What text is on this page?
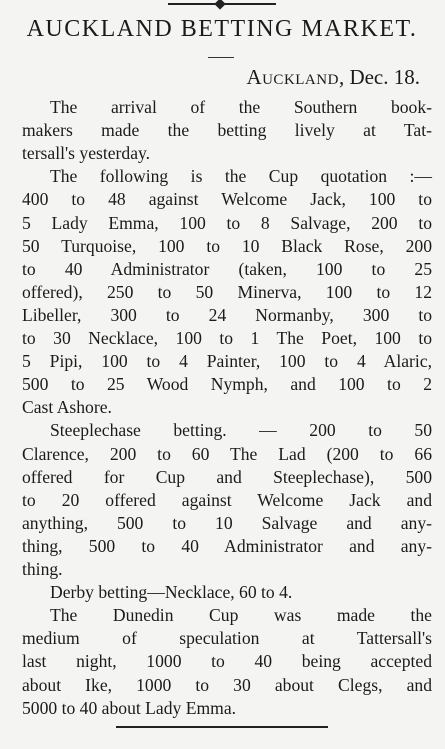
AUCKLAND BETTING MARKET.
Auckland, Dec. 18.
The arrival of the Southern book-
makers made the betting lively at Tat-
tersall's yesterday.
The following is the Cup quotation :—
400 to 48 against Welcome Jack, 100 to
5 Lady Emma, 100 to 8 Salvage, 200 to
50 Turquoise, 100 to 10 Black Rose, 200
to 40 Administrator (taken, 100 to 25
offered), 250 to 50 Minerva, 100 to 12
Libeller, 300 to 24 Normanby, 300 to
to 30 Necklace, 100 to 1 The Poet, 100 to
5 Pipi, 100 to 4 Painter, 100 to 4 Alaric,
500 to 25 Wood Nymph, and 100 to 2
Cast Ashore.
Steeplechase betting. — 200 to 50
Clarence, 200 to 60 The Lad (200 to 66
offered for Cup and Steeplechase), 500
to 20 offered against Welcome Jack and
anything, 500 to 10 Salvage and any-
thing, 500 to 40 Administrator and any-
thing.
Derby betting—Necklace, 60 to 4.
The Dunedin Cup was made the
medium of speculation at Tattersall's
last night, 1000 to 40 being accepted
about Ike, 1000 to 30 about Clegs, and
5000 to 40 about Lady Emma.
